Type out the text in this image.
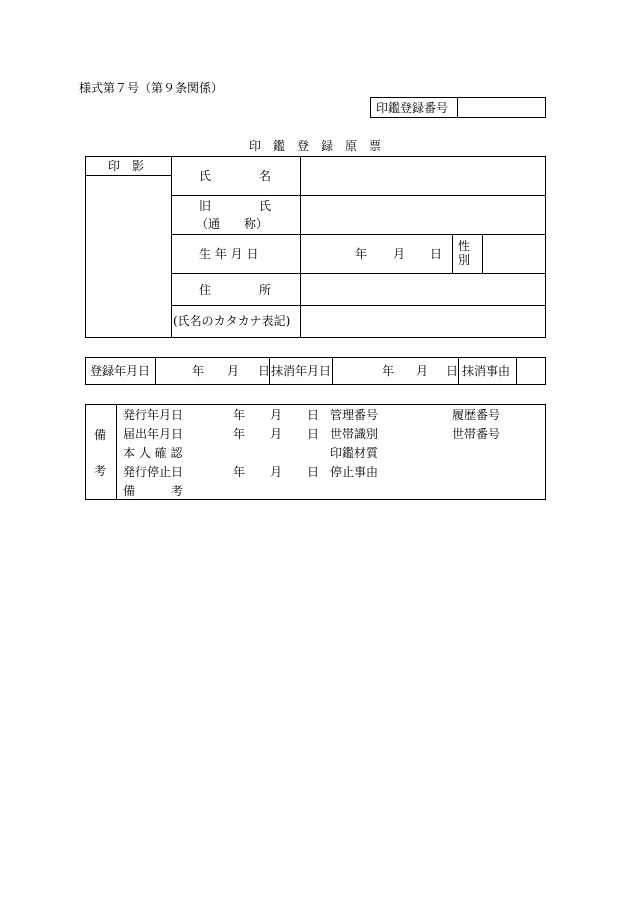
様式第７号（第９条関係）
印鑑登録番号
印　鑑　登　録　原　票
印　影
氏　　　　名
旧　　　　氏
（通　　称）
生 年 月 日	年 月 日
性
別
住　　　　所
(氏名のカタカナ表記)
登録年月日	年 月 日 抹消年月日	年 月 日 抹消事由
備
考
発行年月日	年 月 日 管理番号	履歴番号
届出年月日	年 月 日 世帯識別	世帯番号
本 人 確 認	印鑑材質
発行停止日	年 月 日 停止事由
備　　　考
